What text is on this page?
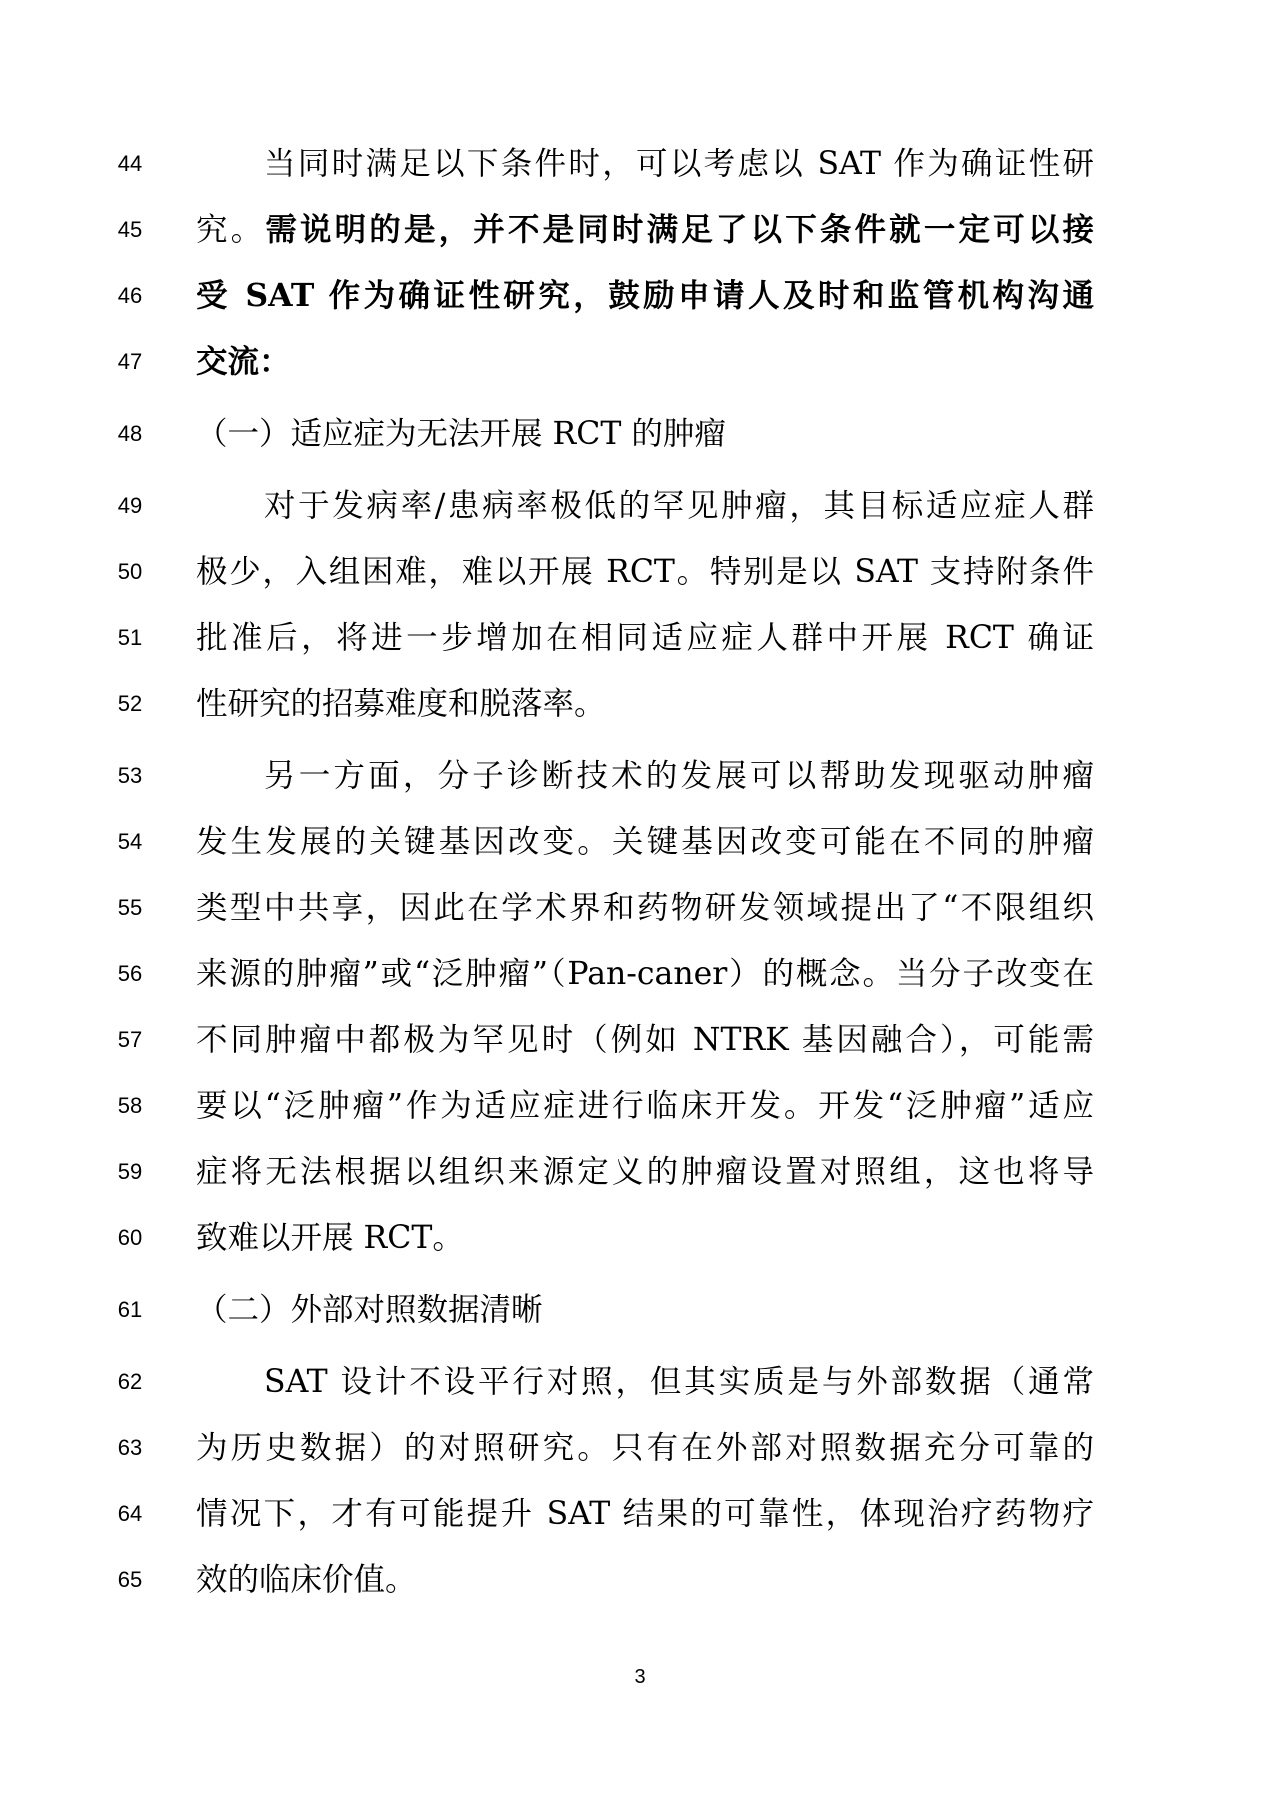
44	当同时满足以下条件时，可以考虑以 SAT 作为确证性研
45	究。需说明的是，并不是同时满足了以下条件就一定可以接
46	受 SAT 作为确证性研究，鼓励申请人及时和监管机构沟通
47	交流：
48	（一）适应症为无法开展 RCT 的肿瘤
49	对于发病率/患病率极低的罕见肿瘤，其目标适应症人群
50	极少，入组困难，难以开展 RCT。特别是以 SAT 支持附条件
51	批准后，将进一步增加在相同适应症人群中开展 RCT 确证
52	性研究的招募难度和脱落率。
53	另一方面，分子诊断技术的发展可以帮助发现驱动肿瘤
54	发生发展的关键基因改变。关键基因改变可能在不同的肿瘤
55	类型中共享，因此在学术界和药物研发领域提出了“不限组织
56	来源的肿瘤”或“泛肿瘤”（Pan-caner）的概念。当分子改变在
57	不同肿瘤中都极为罕见时（例如 NTRK 基因融合），可能需
58	要以“泛肿瘤”作为适应症进行临床开发。开发“泛肿瘤”适应
59	症将无法根据以组织来源定义的肿瘤设置对照组，这也将导
60	致难以开展 RCT。
61	（二）外部对照数据清晰
62	SAT 设计不设平行对照，但其实质是与外部数据（通常
63	为历史数据）的对照研究。只有在外部对照数据充分可靠的
64	情况下，才有可能提升 SAT 结果的可靠性，体现治疗药物疗
65	效的临床价值。
3
